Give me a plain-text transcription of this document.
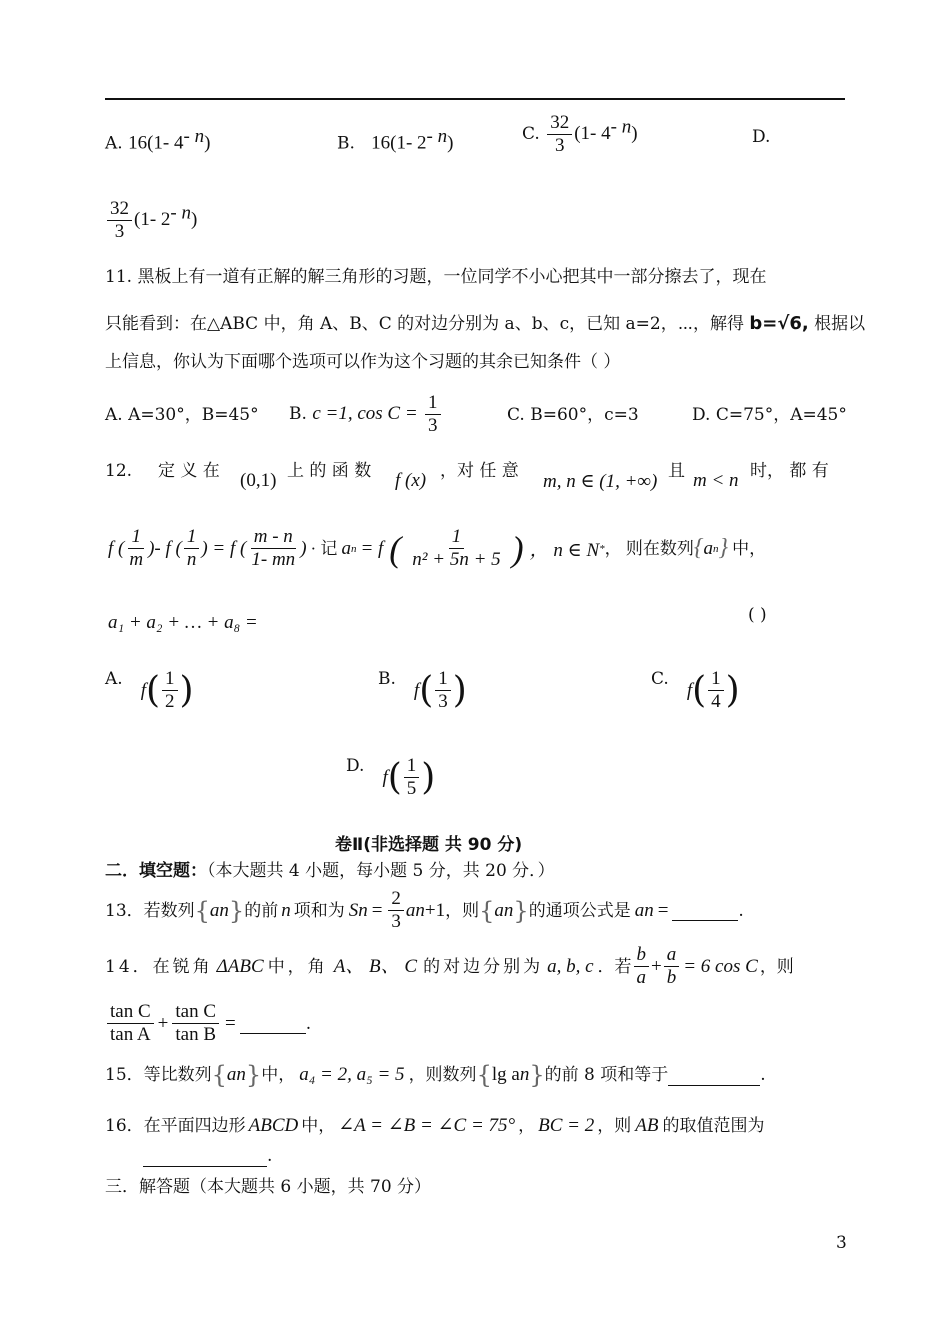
A. 16(1- $4^{- n}$)	B. 16(1- $2^{- n}$)	C. $\frac{32}{3} (1-$ $4^{- n}$)	D.
$\frac{32}{3} (1-$ $2^{- n}$)
11. 黑板上有一道有正解的解三角形的习题，一位同学不小心把其中一部分擦去了，现在
只能看到：在△ABC 中，角 A、B、C 的对边分别为 a、b、c，已知 a=2，⋯，解得 b=√6, 根据以
上信息，你认为下面哪个选项可以作为这个习题的其余已知条件（ ）
A. A=30°，B=45° B. c =1, $\cos C = \frac{1}{3}$	C. B=60°，c=3	D. C=75°，A=45°
12. 定 义 在 (0,1) 上 的 函 数 f (x) ，对 任 意 m, n ∈ (1, +∞) 且 m < n 时， 都 有
f ( $\frac{1}{m}$ )- f ( $\frac{1}{n}$ ) = f ( $\frac{m - n}{1- mn}$ ) · 记 a n = f ( $\frac{1}{\text{n² + 5n + 5}}$ ) ， n ∈ N * ， 则在数列 { a n } 中，
a₁ + a₂ + … + a₈ =	( )
A.
f ( $\frac{1}{2}$ )	B.
f ( $\frac{1}{3}$ )	C.
f ( $\frac{1}{4}$ )
D.
f ( $\frac{1}{5}$ )
卷Ⅱ(非选择题 共 90 分)
二．填空题：（本大题共 4 小题，每小题 5 分，共 20 分．）
13．若数列 { a n } 的前 n 项和为 S $n = \frac{2}{3}$ a n +1 ，则 { a n } 的通项公式是 a n =	.
14．在锐角 ΔABC 中，角 A、 B、 C 的对边分别为 a, b, c ．若 $\frac{b}{a} + \frac{a}{b} = 6$ cos C ，则
$\frac{\text{tan C}}{\text{tan A}} + \frac{\text{tan C}}{\text{tan B}}$ =	.
15．等比数列 { a n } 中， a₄ = 2, a₅ = 5 ，则数列 { lg a n } 的前 8 项和等于	.
16．在平面四边形 ABCD 中， ∠A = ∠B = ∠C = 75° ， BC = 2 ，则 AB 的取值范围为
.
三．解答题（本大题共 6 小题，共 70 分）
3
